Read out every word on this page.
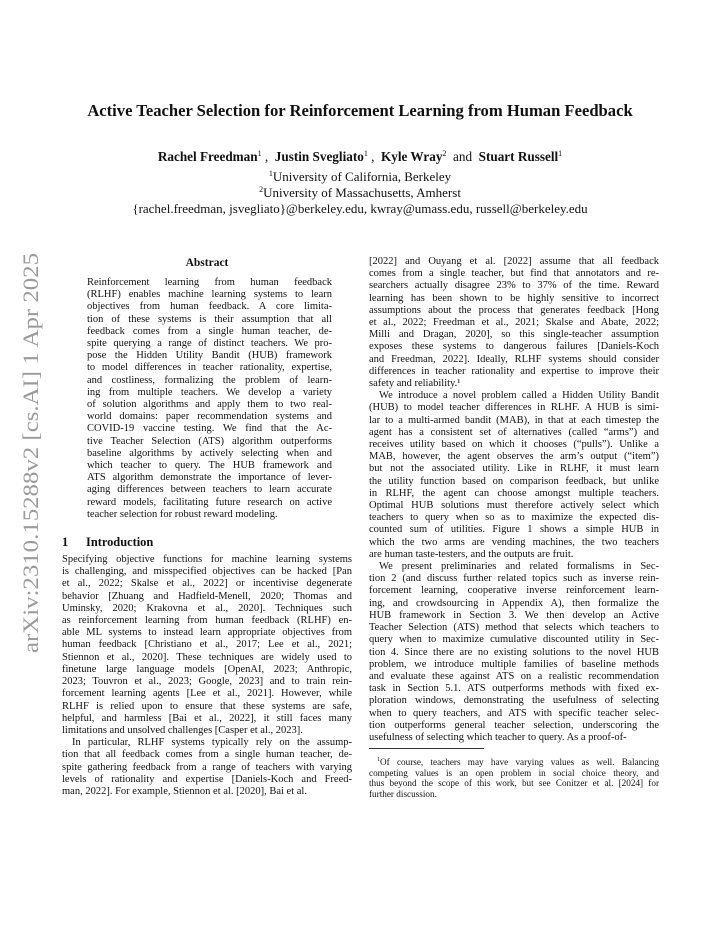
arXiv:2310.15288v2 [cs.AI] 1 Apr 2025
Active Teacher Selection for Reinforcement Learning from Human Feedback
Rachel Freedman$^1$ ,  Justin Svegliato$^1$ ,  Kyle Wray$^2$ and Stuart Russell$^1$
$^1$University of California, Berkeley
$^2$University of Massachusetts, Amherst
{rachel.freedman, jsvegliato}@berkeley.edu, kwray@umass.edu, russell@berkeley.edu
Abstract
Reinforcement learning from human feedback
(RLHF) enables machine learning systems to learn
objectives from human feedback. A core limita-
tion of these systems is their assumption that all
feedback comes from a single human teacher, de-
spite querying a range of distinct teachers. We pro-
pose the Hidden Utility Bandit (HUB) framework
to model differences in teacher rationality, expertise,
and costliness, formalizing the problem of learn-
ing from multiple teachers. We develop a variety
of solution algorithms and apply them to two real-
world domains: paper recommendation systems and
COVID-19 vaccine testing. We find that the Ac-
tive Teacher Selection (ATS) algorithm outperforms
baseline algorithms by actively selecting when and
which teacher to query. The HUB framework and
ATS algorithm demonstrate the importance of lever-
aging differences between teachers to learn accurate
reward models, facilitating future research on active
teacher selection for robust reward modeling.
1 Introduction
Specifying objective functions for machine learning systems
is challenging, and misspecified objectives can be hacked [Pan
et al., 2022; Skalse et al., 2022] or incentivise degenerate
behavior [Zhuang and Hadfield-Menell, 2020; Thomas and
Uminsky, 2020; Krakovna et al., 2020]. Techniques such
as reinforcement learning from human feedback (RLHF) en-
able ML systems to instead learn appropriate objectives from
human feedback [Christiano et al., 2017; Lee et al., 2021;
Stiennon et al., 2020]. These techniques are widely used to
finetune large language models [OpenAI, 2023; Anthropic,
2023; Touvron et al., 2023; Google, 2023] and to train rein-
forcement learning agents [Lee et al., 2021]. However, while
RLHF is relied upon to ensure that these systems are safe,
helpful, and harmless [Bai et al., 2022], it still faces many
limitations and unsolved challenges [Casper et al., 2023].
In particular, RLHF systems typically rely on the assump-
tion that all feedback comes from a single human teacher, de-
spite gathering feedback from a range of teachers with varying
levels of rationality and expertise [Daniels-Koch and Freed-
man, 2022]. For example, Stiennon et al. [2020], Bai et al.
[2022] and Ouyang et al. [2022] assume that all feedback
comes from a single teacher, but find that annotators and re-
searchers actually disagree 23% to 37% of the time. Reward
learning has been shown to be highly sensitive to incorrect
assumptions about the process that generates feedback [Hong
et al., 2022; Freedman et al., 2021; Skalse and Abate, 2022;
Milli and Dragan, 2020], so this single-teacher assumption
exposes these systems to dangerous failures [Daniels-Koch
and Freedman, 2022]. Ideally, RLHF systems should consider
differences in teacher rationality and expertise to improve their
safety and reliability.¹
We introduce a novel problem called a Hidden Utility Bandit
(HUB) to model teacher differences in RLHF. A HUB is simi-
lar to a multi-armed bandit (MAB), in that at each timestep the
agent has a consistent set of alternatives (called “arms”) and
receives utility based on which it chooses (“pulls”). Unlike a
MAB, however, the agent observes the arm’s output (“item”)
but not the associated utility. Like in RLHF, it must learn
the utility function based on comparison feedback, but unlike
in RLHF, the agent can choose amongst multiple teachers.
Optimal HUB solutions must therefore actively select which
teachers to query when so as to maximize the expected dis-
counted sum of utilities. Figure 1 shows a simple HUB in
which the two arms are vending machines, the two teachers
are human taste-testers, and the outputs are fruit.
We present preliminaries and related formalisms in Sec-
tion 2 (and discuss further related topics such as inverse rein-
forcement learning, cooperative inverse reinforcement learn-
ing, and crowdsourcing in Appendix A), then formalize the
HUB framework in Section 3. We then develop an Active
Teacher Selection (ATS) method that selects which teachers to
query when to maximize cumulative discounted utility in Sec-
tion 4. Since there are no existing solutions to the novel HUB
problem, we introduce multiple families of baseline methods
and evaluate these against ATS on a realistic recommendation
task in Section 5.1. ATS outperforms methods with fixed ex-
ploration windows, demonstrating the usefulness of selecting
when to query teachers, and ATS with specific teacher selec-
tion outperforms general teacher selection, underscoring the
usefulness of selecting which teacher to query. As a proof-of-
$^1$Of course, teachers may have varying values as well. Balancing
competing values is an open problem in social choice theory, and
thus beyond the scope of this work, but see Conitzer et al. [2024] for
further discussion.
